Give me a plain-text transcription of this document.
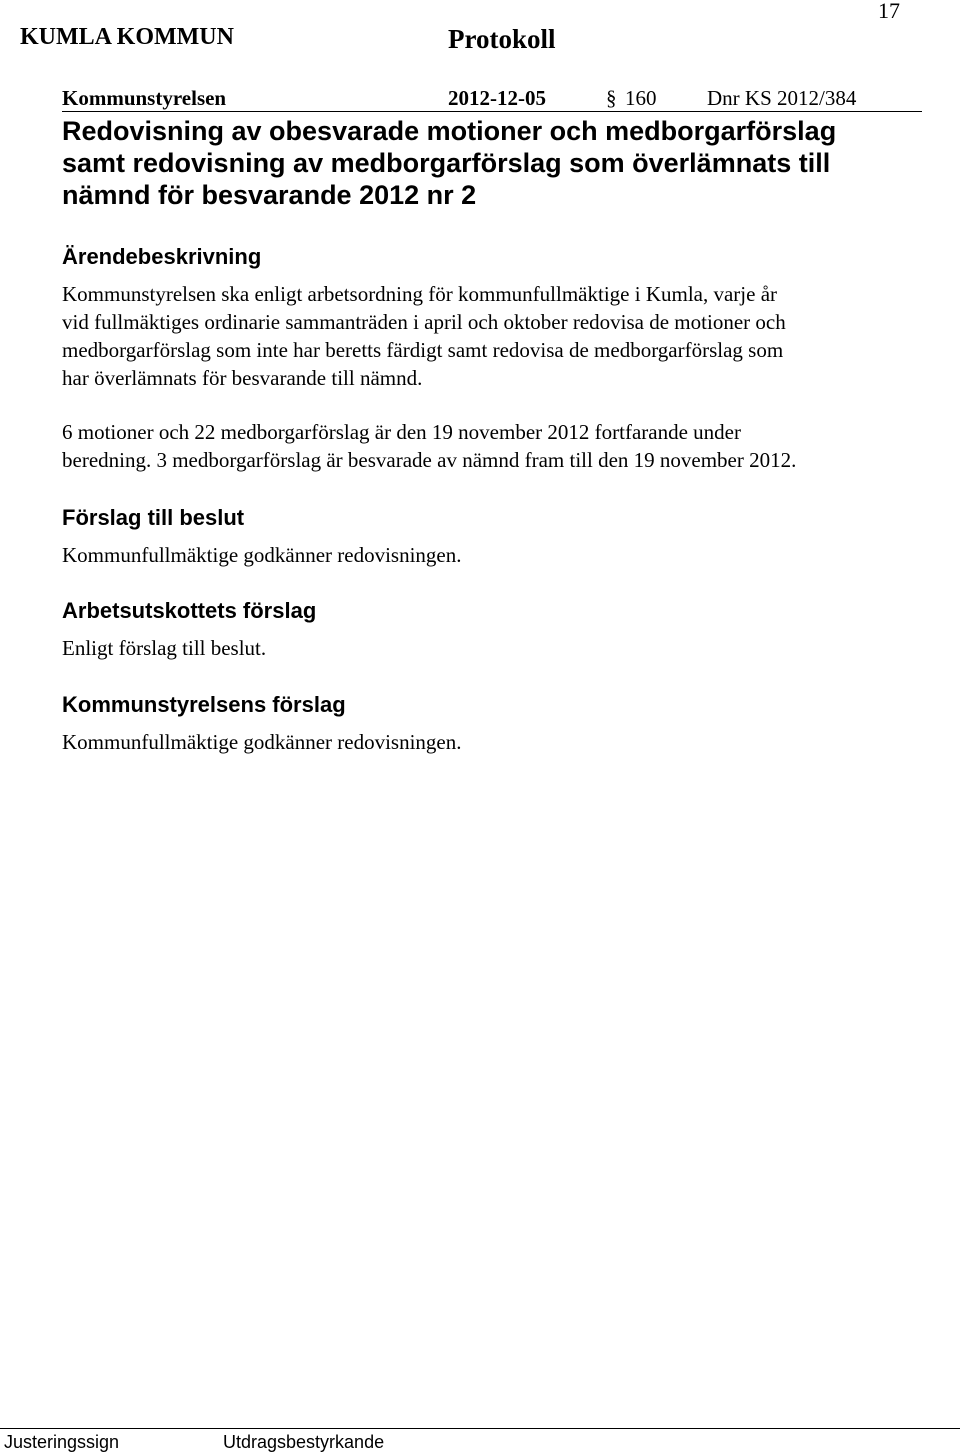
KUMLA KOMMUN	Protokoll
17
Kommunstyrelsen	2012-12-05	§ 160 Dnr KS 2012/384
Redovisning av obesvarade motioner och medborgarförslag
samt redovisning av medborgarförslag som överlämnats till
nämnd för besvarande 2012 nr 2
Ärendebeskrivning
Kommunstyrelsen ska enligt arbetsordning för kommunfullmäktige i Kumla, varje år
vid fullmäktiges ordinarie sammanträden i april och oktober redovisa de motioner och
medborgarförslag som inte har beretts färdigt samt redovisa de medborgarförslag som
har överlämnats för besvarande till nämnd.
6 motioner och 22 medborgarförslag är den 19 november 2012 fortfarande under
beredning. 3 medborgarförslag är besvarade av nämnd fram till den 19 november 2012.
Förslag till beslut
Kommunfullmäktige godkänner redovisningen.
Arbetsutskottets förslag
Enligt förslag till beslut.
Kommunstyrelsens förslag
Kommunfullmäktige godkänner redovisningen.
Justeringssign	Utdragsbestyrkande
